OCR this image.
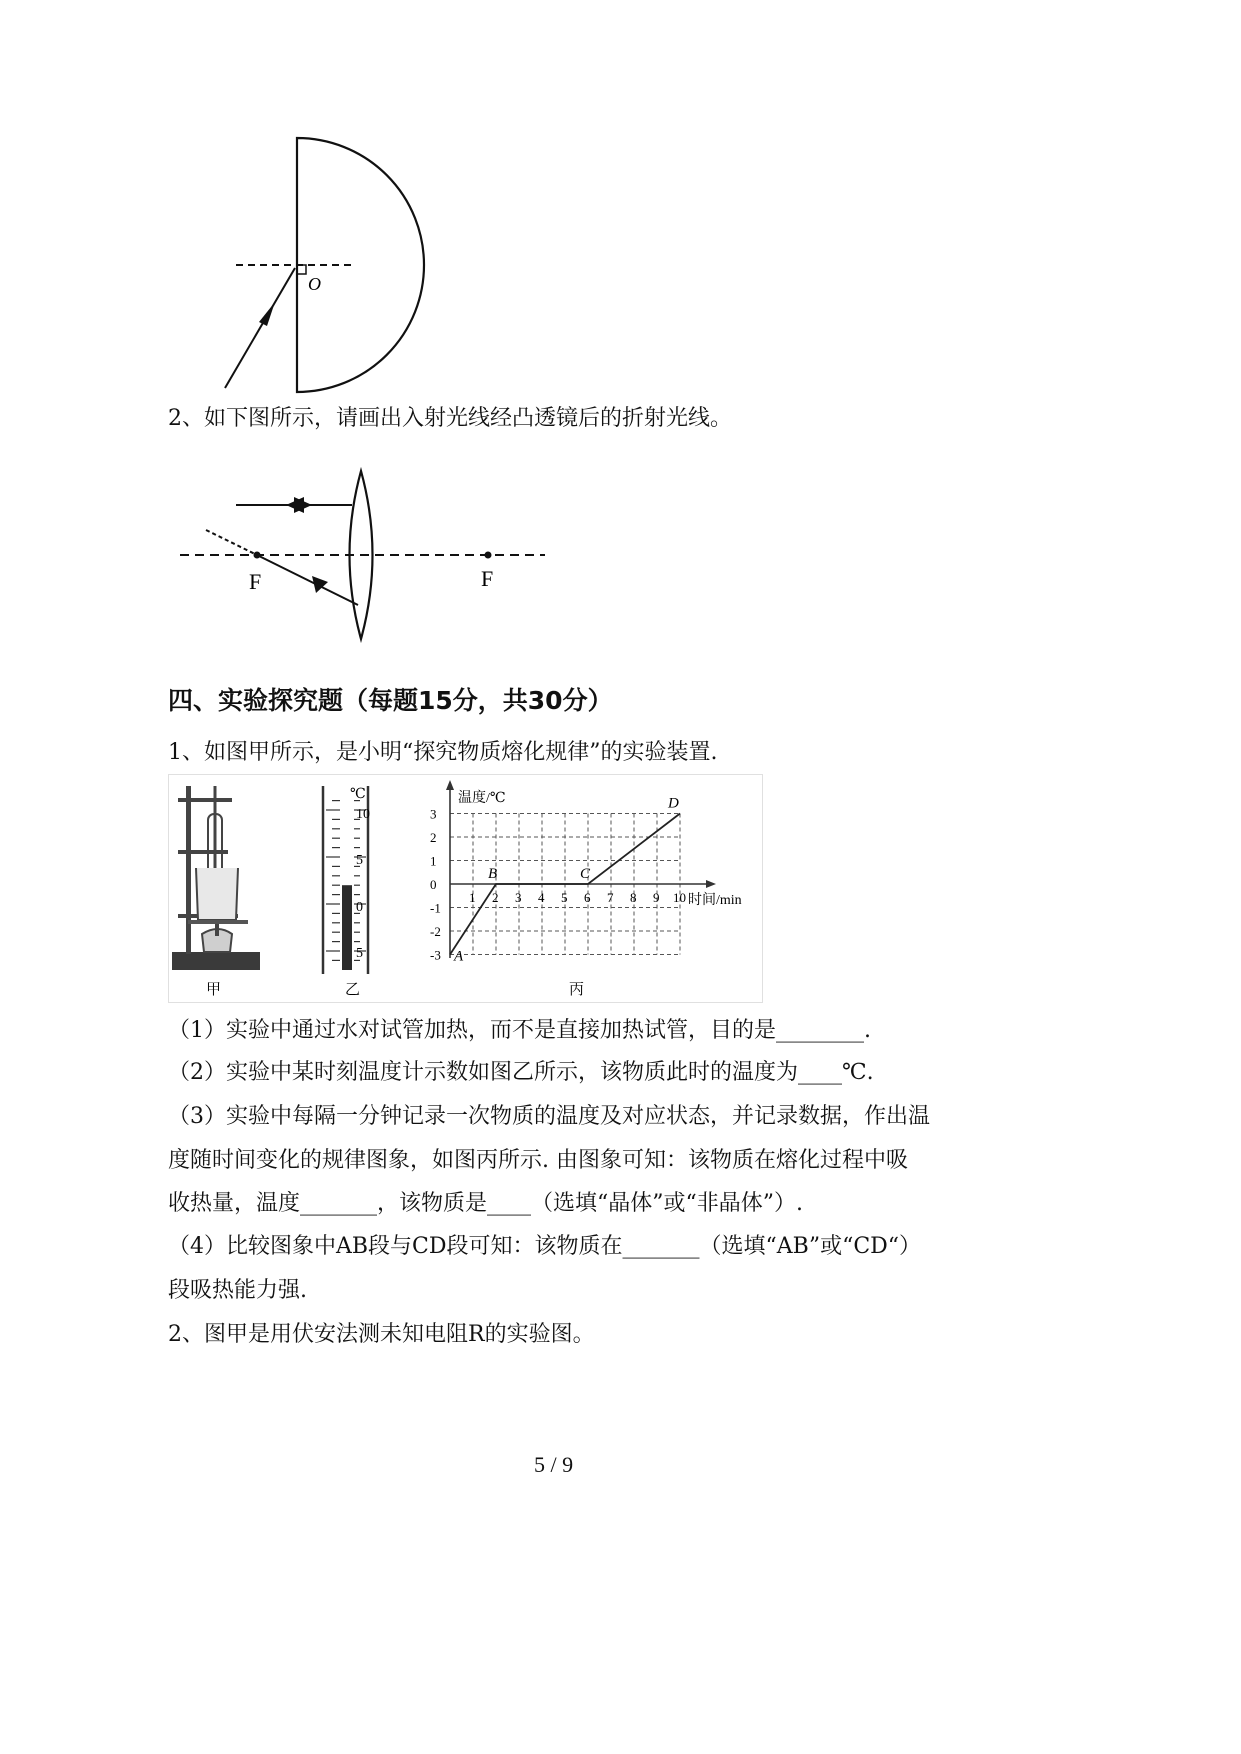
O
2、如下图所示，请画出入射光线经凸透镜后的折射光线。
F	F
四、实验探究题（每题15分，共30分）
1、如图甲所示，是小明“探究物质熔化规律”的实验装置.
甲
℃
10
5
0
5
乙
温度/℃
时间/min
3
2
1
0
-1
-2
-3
1 2 3 4 5 6 7 8 9 10
A
B	C
D
丙
（1）实验中通过水对试管加热，而不是直接加热试管，目的是________.
（2）实验中某时刻温度计示数如图乙所示，该物质此时的温度为____℃.
（3）实验中每隔一分钟记录一次物质的温度及对应状态，并记录数据，作出温
度随时间变化的规律图象，如图丙所示. 由图象可知：该物质在熔化过程中吸
收热量，温度_______，该物质是____（选填“晶体”或“非晶体”）.
（4）比较图象中AB段与CD段可知：该物质在_______（选填“AB”或“CD“）
段吸热能力强.
2、图甲是用伏安法测未知电阻R的实验图。
5 / 9
